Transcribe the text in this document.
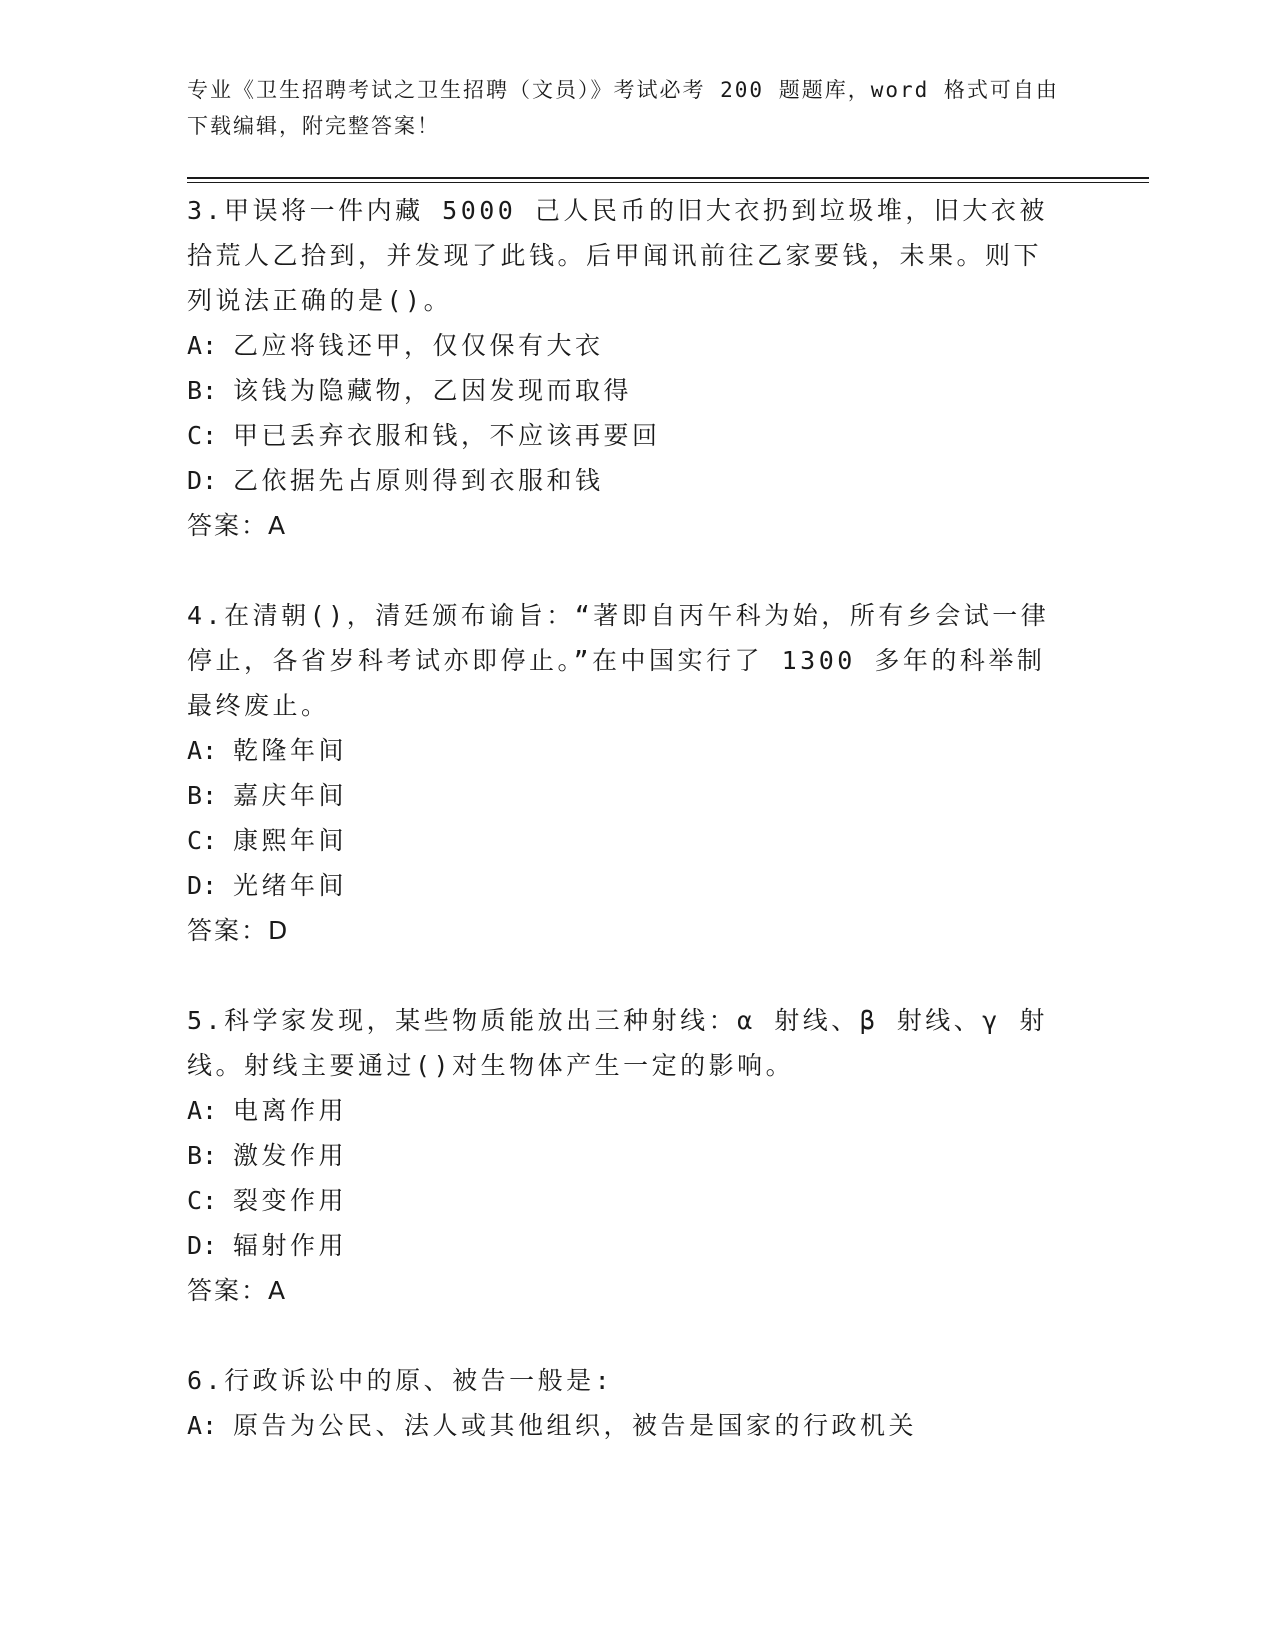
专业《卫生招聘考试之卫生招聘（文员）》考试必考 200 题题库，word 格式可自由下载编辑，附完整答案！

3.甲误将一件内藏 5000 己人民币的旧大衣扔到垃圾堆，旧大衣被拾荒人乙拾到，并发现了此钱。后甲闻讯前往乙家要钱，未果。则下列说法正确的是()。

A: 乙应将钱还甲，仅仅保有大衣

B: 该钱为隐藏物，乙因发现而取得

C: 甲已丢弃衣服和钱，不应该再要回

D: 乙依据先占原则得到衣服和钱

答案：A

4.在清朝()，清廷颁布谕旨：“著即自丙午科为始，所有乡会试一律停止，各省岁科考试亦即停止。”在中国实行了 1300 多年的科举制最终废止。

A: 乾隆年间

B: 嘉庆年间

C: 康熙年间

D: 光绪年间

答案：D

5.科学家发现，某些物质能放出三种射线：α 射线、β 射线、γ 射线。射线主要通过()对生物体产生一定的影响。

A: 电离作用

B: 激发作用

C: 裂变作用

D: 辐射作用

答案：A

6.行政诉讼中的原、被告一般是:

A: 原告为公民、法人或其他组织，被告是国家的行政机关
